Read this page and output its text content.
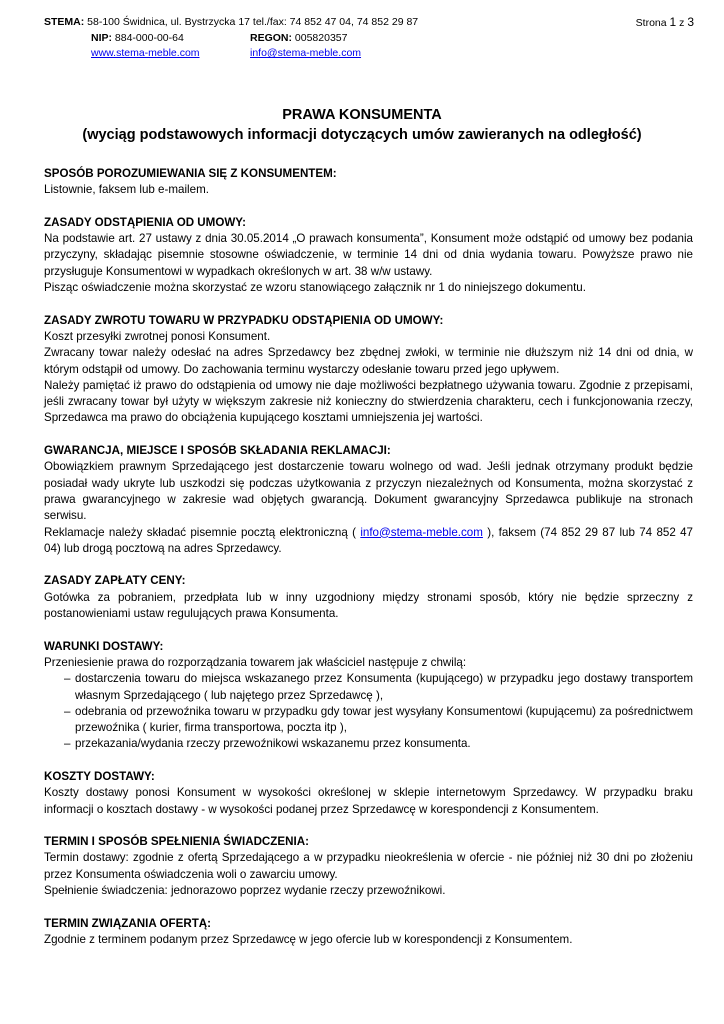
STEMA: 58-100 Świdnica, ul. Bystrzycka 17 tel./fax: 74 852 47 04, 74 852 29 87	Strona 1 z 3
NIP: 884-000-00-64	REGON: 005820357
www.stema-meble.com	info@stema-meble.com
PRAWA KONSUMENTA
(wyciąg podstawowych informacji dotyczących umów zawieranych na odległość)
SPOSÓB POROZUMIEWANIA SIĘ Z KONSUMENTEM:

Listownie, faksem lub e-mailem.

ZASADY ODSTĄPIENIA OD UMOWY:

Na podstawie art. 27 ustawy z dnia 30.05.2014 „O prawach konsumenta”, Konsument może odstąpić od umowy bez podania przyczyny, składając pisemnie stosowne oświadczenie, w terminie 14 dni od dnia wydania towaru. Powyższe prawo nie przysługuje Konsumentowi w wypadkach określonych w art. 38 w/w ustawy.

Pisząc oświadczenie można skorzystać ze wzoru stanowiącego załącznik nr 1 do niniejszego dokumentu.

ZASADY ZWROTU TOWARU W PRZYPADKU ODSTĄPIENIA OD UMOWY:

Koszt przesyłki zwrotnej ponosi Konsument.

Zwracany towar należy odesłać na adres Sprzedawcy bez zbędnej zwłoki, w terminie nie dłuższym niż 14 dni od dnia, w którym odstąpił od umowy. Do zachowania terminu wystarczy odesłanie towaru przed jego upływem.

Należy pamiętać iż prawo do odstąpienia od umowy nie daje możliwości bezpłatnego używania towaru. Zgodnie z przepisami, jeśli zwracany towar był użyty w większym zakresie niż konieczny do stwierdzenia charakteru, cech i funkcjonowania rzeczy, Sprzedawca ma prawo do obciążenia kupującego kosztami umniejszenia jej wartości.

GWARANCJA, MIEJSCE I SPOSÓB SKŁADANIA REKLAMACJI:

Obowiązkiem prawnym Sprzedającego jest dostarczenie towaru wolnego od wad. Jeśli jednak otrzymany produkt będzie posiadał wady ukryte lub uszkodzi się podczas użytkowania z przyczyn niezależnych od Konsumenta, można skorzystać z prawa gwarancyjnego w zakresie wad objętych gwarancją. Dokument gwarancyjny Sprzedawca publikuje na stronach serwisu.

Reklamacje należy składać pisemnie pocztą elektroniczną ( info@stema-meble.com ), faksem (74 852 29 87 lub 74 852 47 04) lub drogą pocztową na adres Sprzedawcy.

ZASADY ZAPŁATY CENY:

Gotówka za pobraniem, przedpłata lub w inny uzgodniony między stronami sposób, który nie będzie sprzeczny z postanowieniami ustaw regulujących prawa Konsumenta.

WARUNKI DOSTAWY:

Przeniesienie prawa do rozporządzania towarem jak właściciel następuje z chwilą:

– dostarczenia towaru do miejsca wskazanego przez Konsumenta (kupującego) w przypadku jego dostawy transportem własnym Sprzedającego ( lub najętego przez Sprzedawcę ),
– odebrania od przewoźnika towaru w przypadku gdy towar jest wysyłany Konsumentowi (kupującemu) za pośrednictwem przewoźnika ( kurier, firma transportowa, poczta itp ),
– przekazania/wydania rzeczy przewoźnikowi wskazanemu przez konsumenta.
KOSZTY DOSTAWY:

Koszty dostawy ponosi Konsument w wysokości określonej w sklepie internetowym Sprzedawcy. W przypadku braku informacji o kosztach dostawy - w wysokości podanej przez Sprzedawcę w korespondencji z Konsumentem.

TERMIN I SPOSÓB SPEŁNIENIA ŚWIADCZENIA:

Termin dostawy: zgodnie z ofertą Sprzedającego a w przypadku nieokreślenia w ofercie - nie później niż 30 dni po złożeniu przez Konsumenta oświadczenia woli o zawarciu umowy.

Spełnienie świadczenia: jednorazowo poprzez wydanie rzeczy przewoźnikowi.

TERMIN ZWIĄZANIA OFERTĄ:

Zgodnie z terminem podanym przez Sprzedawcę w jego ofercie lub w korespondencji z Konsumentem.
